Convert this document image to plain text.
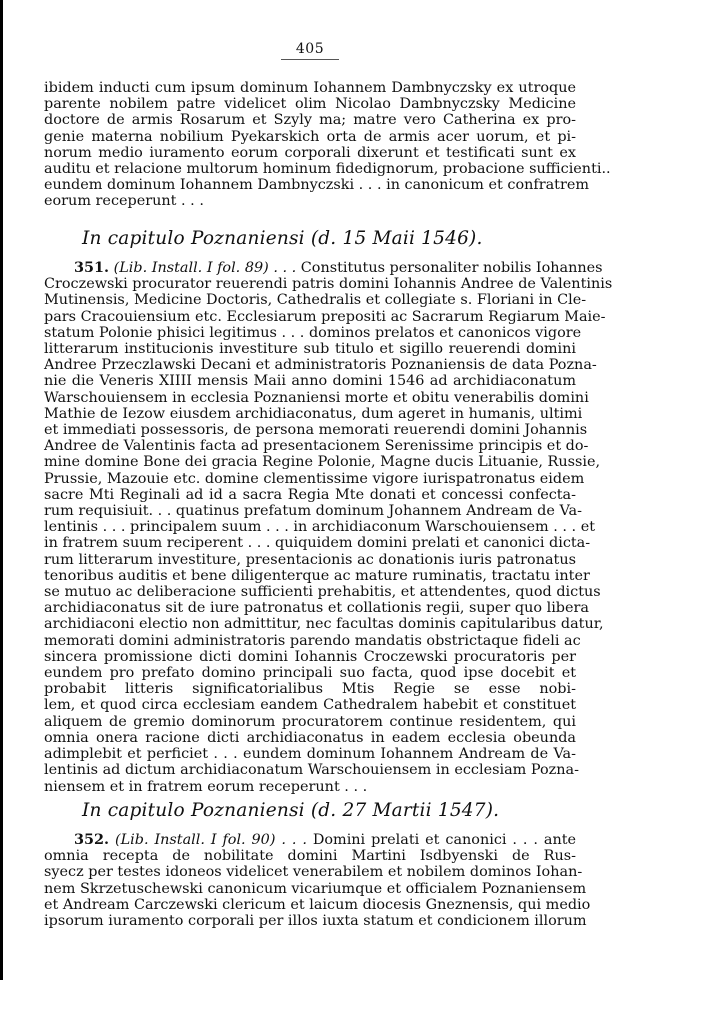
405
ibidem inducti cum ipsum dominum Iohannem Dambnyczsky ex utroque
parente nobilem patre videlicet olim Nicolao Dambnyczsky Medicine
doctore de armis Rosarum et Szyly ma; matre vero Catherina ex pro-
genie materna nobilium Pyekarskich orta de armis acer uorum, et pi-
norum medio iuramento eorum corporali dixerunt et testificati sunt ex
auditu et relacione multorum hominum fidedignorum, probacione sufficienti..
eundem dominum Iohannem Dambnyczski . . . in canonicum et confratrem
eorum receperunt . . .
In capitulo Poznaniensi (d. 15 Maii 1546).
351. (Lib. Install. I fol. 89) . . . Constitutus personaliter nobilis Iohannes
Croczewski procurator reuerendi patris domini Iohannis Andree de Valentinis
Mutinensis, Medicine Doctoris, Cathedralis et collegiate s. Floriani in Cle-
pars Cracouiensium etc. Ecclesiarum prepositi ac Sacrarum Regiarum Maie-
statum Polonie phisici legitimus . . . dominos prelatos et canonicos vigore
litterarum institucionis investiture sub titulo et sigillo reuerendi domini
Andree Przeczlawski Decani et administratoris Poznaniensis de data Pozna-
nie die Veneris XIIII mensis Maii anno domini 1546 ad archidiaconatum
Warschouiensem in ecclesia Poznaniensi morte et obitu venerabilis domini
Mathie de Iezow eiusdem archidiaconatus, dum ageret in humanis, ultimi
et immediati possessoris, de persona memorati reuerendi domini Johannis
Andree de Valentinis facta ad presentacionem Serenissime principis et do-
mine domine Bone dei gracia Regine Polonie, Magne ducis Lituanie, Russie,
Prussie, Mazouie etc. domine clementissime vigore iurispatronatus eidem
sacre Mti Reginali ad id a sacra Regia Mte donati et concessi confecta-
rum requisiuit. . . quatinus prefatum dominum Johannem Andream de Va-
lentinis . . . principalem suum . . . in archidiaconum Warschouiensem . . . et
in fratrem suum reciperent . . . quiquidem domini prelati et canonici dicta-
rum litterarum investiture, presentacionis ac donationis iuris patronatus
tenoribus auditis et bene diligenterque ac mature ruminatis, tractatu inter
se mutuo ac deliberacione sufficienti prehabitis, et attendentes, quod dictus
archidiaconatus sit de iure patronatus et collationis regii, super quo libera
archidiaconi electio non admittitur, nec facultas dominis capitularibus datur,
memorati domini administratoris parendo mandatis obstrictaque fideli ac
sincera promissione dicti domini Iohannis Croczewski procuratoris per
eundem pro prefato domino principali suo facta, quod ipse docebit et
probabit litteris significatorialibus Mtis Regie se esse nobi-
lem, et quod circa ecclesiam eandem Cathedralem habebit et constituet
aliquem de gremio dominorum procuratorem continue residentem, qui
omnia onera racione dicti archidiaconatus in eadem ecclesia obeunda
adimplebit et perficiet . . . eundem dominum Iohannem Andream de Va-
lentinis ad dictum archidiaconatum Warschouiensem in ecclesiam Pozna-
niensem et in fratrem eorum receperunt . . .
In capitulo Poznaniensi (d. 27 Martii 1547).
352. (Lib. Install. I fol. 90) . . . Domini prelati et canonici . . . ante
omnia recepta de nobilitate domini Martini Isdbyenski de Rus-
syecz per testes idoneos videlicet venerabilem et nobilem dominos Iohan-
nem Skrzetuschewski canonicum vicariumque et officialem Poznaniensem
et Andream Carczewski clericum et laicum diocesis Gneznensis, qui medio
ipsorum iuramento corporali per illos iuxta statum et condicionem illorum
